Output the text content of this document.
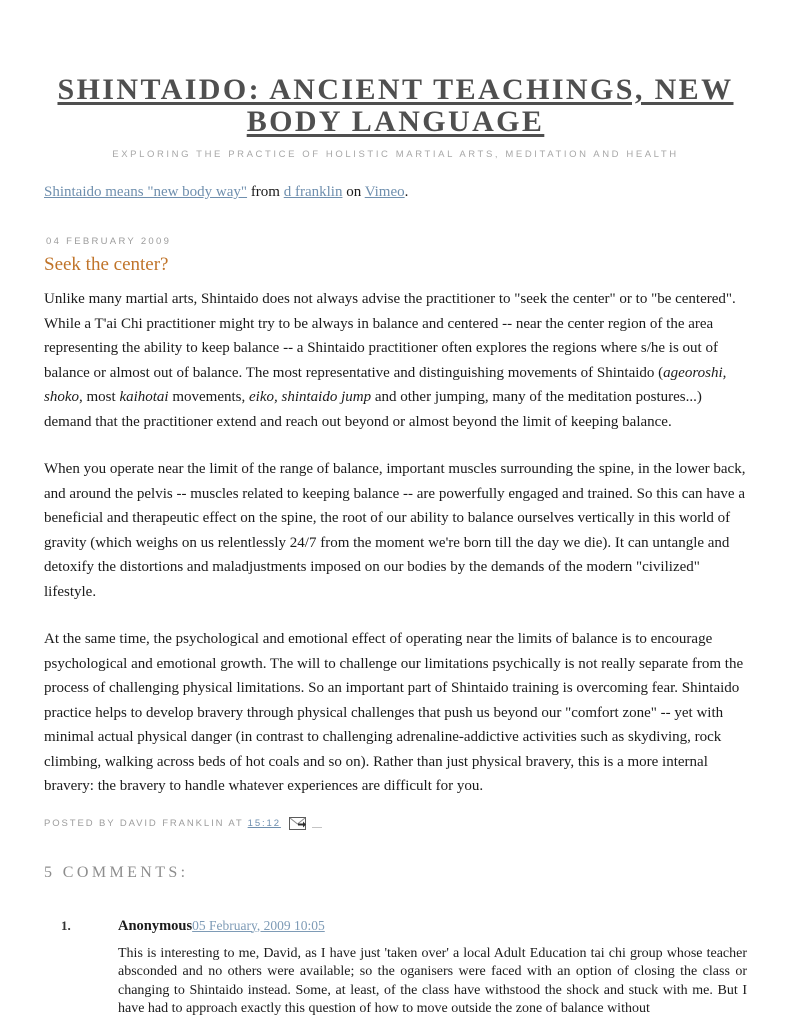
SHINTAIDO: ANCIENT TEACHINGS, NEW BODY LANGUAGE
EXPLORING THE PRACTICE OF HOLISTIC MARTIAL ARTS, MEDITATION AND HEALTH

Shintaido means "new body way" from d franklin on Vimeo.

04 FEBRUARY 2009
Seek the center?

Unlike many martial arts, Shintaido does not always advise the practitioner to "seek the center" or to "be centered". While a T'ai Chi practitioner might try to be always in balance and centered -- near the center region of the area representing the ability to keep balance -- a Shintaido practitioner often explores the regions where s/he is out of balance or almost out of balance. The most representative and distinguishing movements of Shintaido (ageoroshi, shoko, most kaihotai movements, eiko, shintaido jump and other jumping, many of the meditation postures...) demand that the practitioner extend and reach out beyond or almost beyond the limit of keeping balance.

When you operate near the limit of the range of balance, important muscles surrounding the spine, in the lower back, and around the pelvis -- muscles related to keeping balance -- are powerfully engaged and trained. So this can have a beneficial and therapeutic effect on the spine, the root of our ability to balance ourselves vertically in this world of gravity (which weighs on us relentlessly 24/7 from the moment we're born till the day we die). It can untangle and detoxify the distortions and maladjustments imposed on our bodies by the demands of the modern "civilized" lifestyle.

At the same time, the psychological and emotional effect of operating near the limits of balance is to encourage psychological and emotional growth. The will to challenge our limitations psychically is not really separate from the process of challenging physical limitations. So an important part of Shintaido training is overcoming fear. Shintaido practice helps to develop bravery through physical challenges that push us beyond our "comfort zone" -- yet with minimal actual physical danger (in contrast to challenging adrenaline-addictive activities such as skydiving, rock climbing, walking across beds of hot coals and so on). Rather than just physical bravery, this is a more internal bravery: the bravery to handle whatever experiences are difficult for you.

POSTED BY DAVID FRANKLIN AT 15:12
5 COMMENTS:
1. Anonymous05 February, 2009 10:05
This is interesting to me, David, as I have just 'taken over' a local Adult Education tai chi group whose teacher absconded and no others were available; so the oganisers were faced with an option of closing the class or changing to Shintaido instead. Some, at least, of the class have withstood the shock and stuck with me. But I have had to approach exactly this question of how to move outside the zone of balance without
